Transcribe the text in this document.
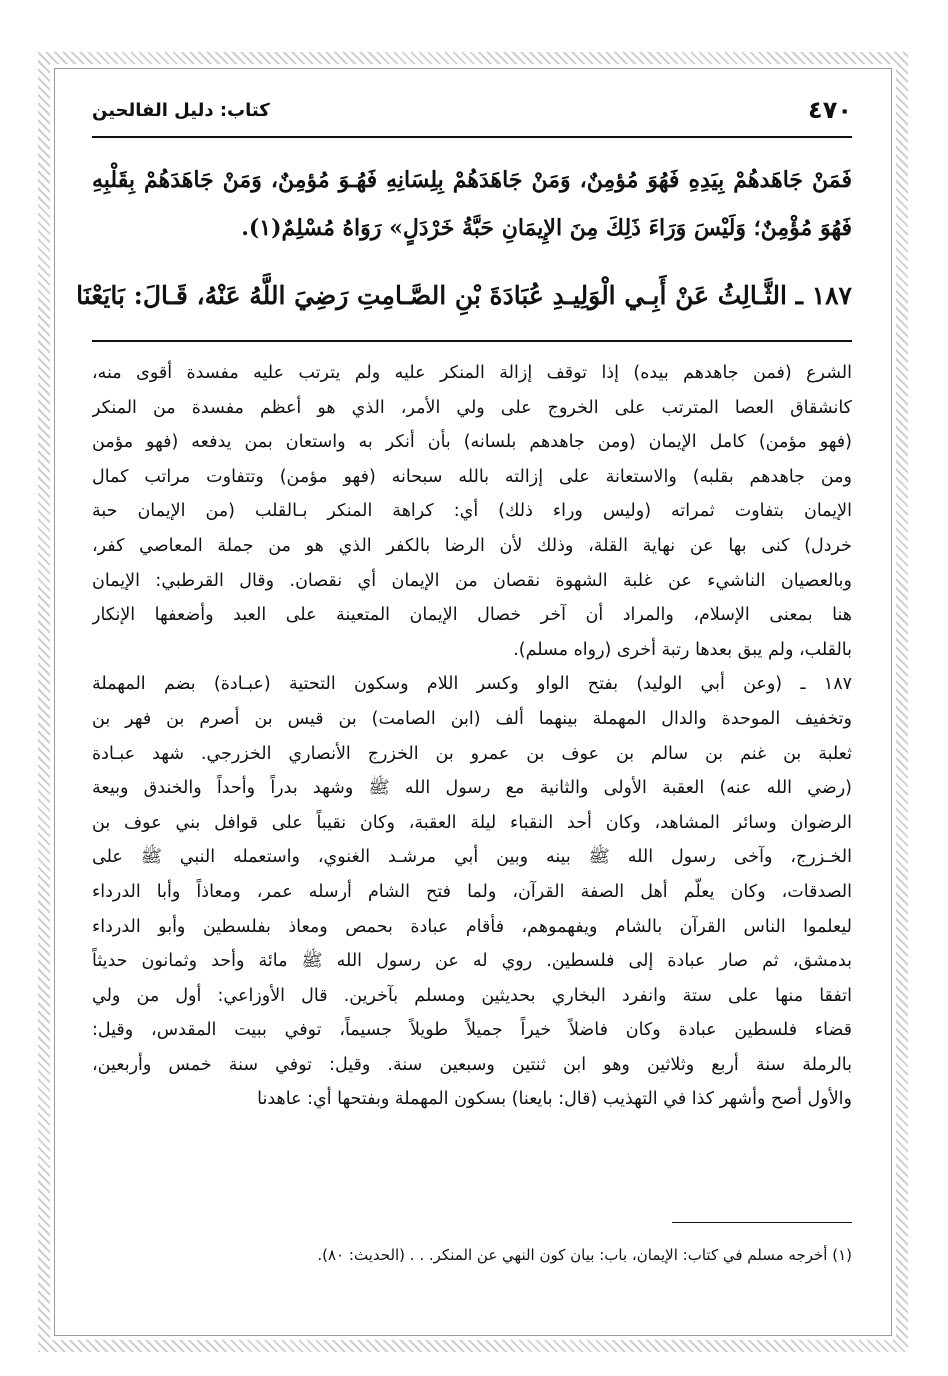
٤٧٠
كتاب: دليل الفالحين
فَمَنْ جَاهَدهُمْ بِيَدِهِ فَهُوَ مُؤمِنٌ، وَمَنْ جَاهَدَهُمْ بِلِسَانِهِ فَهُـوَ مُؤمِنٌ، وَمَنْ جَاهَدَهُمْ بِقَلْبِهِ
فَهُوَ مُؤْمِنٌ؛ وَلَيْسَ وَرَاءَ ذَلِكَ مِنَ الإِيمَانِ حَبَّةُ خَرْدَلٍ» رَوَاهُ مُسْلِمٌ(١).
١٨٧ ـ الثَّـالِثُ عَنْ أَبِـي الْوَلِيـدِ عُبَادَةَ بْنِ الصَّـامِتِ رَضِيَ اللَّهُ عَنْهُ، قَـالَ: بَايَعْنَا
الشرع (فمن جاهدهم بيده) إذا توقف إزالة المنكر عليه ولم يترتب عليه مفسدة أقوى منه،
كانشقاق العصا المترتب على الخروج على ولي الأمر، الذي هو أعظم مفسدة من المنكر
(فهو مؤمن) كامل الإيمان (ومن جاهدهم بلسانه) بأن أنكر به واستعان بمن يدفعه (فهو مؤمن
ومن جاهدهم بقلبه) والاستعانة على إزالته بالله سبحانه (فهو مؤمن) وتتفاوت مراتب كمال
الإيمان بتفاوت ثمراته (وليس وراء ذلك) أي: كراهة المنكر بـالقلب (من الإيمان حبة
خردل) كنى بها عن نهاية القلة، وذلك لأن الرضا بالكفر الذي هو من جملة المعاصي كفر،
وبالعصيان الناشيء عن غلبة الشهوة نقصان من الإيمان أي نقصان. وقال القرطبي: الإيمان
هنا بمعنى الإسلام، والمراد أن آخر خصال الإيمان المتعينة على العبد وأضعفها الإنكار
بالقلب، ولم يبق بعدها رتبة أخرى (رواه مسلم).
١٨٧ ـ (وعن أبي الوليد) بفتح الواو وكسر اللام وسكون التحتية (عبـادة) بضم المهملة
وتخفيف الموحدة والدال المهملة بينهما ألف (ابن الصامت) بن قيس بن أصرم بن فهر بن
ثعلبة بن غنم بن سالم بن عوف بن عمرو بن الخزرج الأنصاري الخزرجي. شهد عبـادة
(رضي الله عنه) العقبة الأولى والثانية مع رسول الله ﷺ وشهد بدراً وأحداً والخندق وبيعة
الرضوان وسائر المشاهد، وكان أحد النقباء ليلة العقبة، وكان نقيباً على قوافل بني عوف بن
الخـزرج، وآخى رسول الله ﷺ بينه وبين أبي مرشـد الغنوي، واستعمله النبي ﷺ على
الصدقات، وكان يعلّم أهل الصفة القرآن، ولما فتح الشام أرسله عمر، ومعاذاً وأبا الدرداء
ليعلموا الناس القرآن بالشام ويفهموهم، فأقام عبادة بحمص ومعاذ بفلسطين وأبو الدرداء
بدمشق، ثم صار عبادة إلى فلسطين. روي له عن رسول الله ﷺ مائة وأحد وثمانون حديثاً
اتفقا منها على ستة وانفرد البخاري بحديثين ومسلم بآخرين. قال الأوزاعي: أول من ولي
قضاء فلسطين عبادة وكان فاضلاً خيراً جميلاً طويلاً جسيماً، توفي ببيت المقدس، وقيل:
بالرملة سنة أربع وثلاثين وهو ابن ثنتين وسبعين سنة. وقيل: توفي سنة خمس وأربعين،
والأول أصح وأشهر كذا في التهذيب (قال: بايعنا) بسكون المهملة وبفتحها أي: عاهدنا
(١) أخرجه مسلم في كتاب: الإيمان، باب: بيان كون النهي عن المنكر. . . (الحديث: ٨٠).
